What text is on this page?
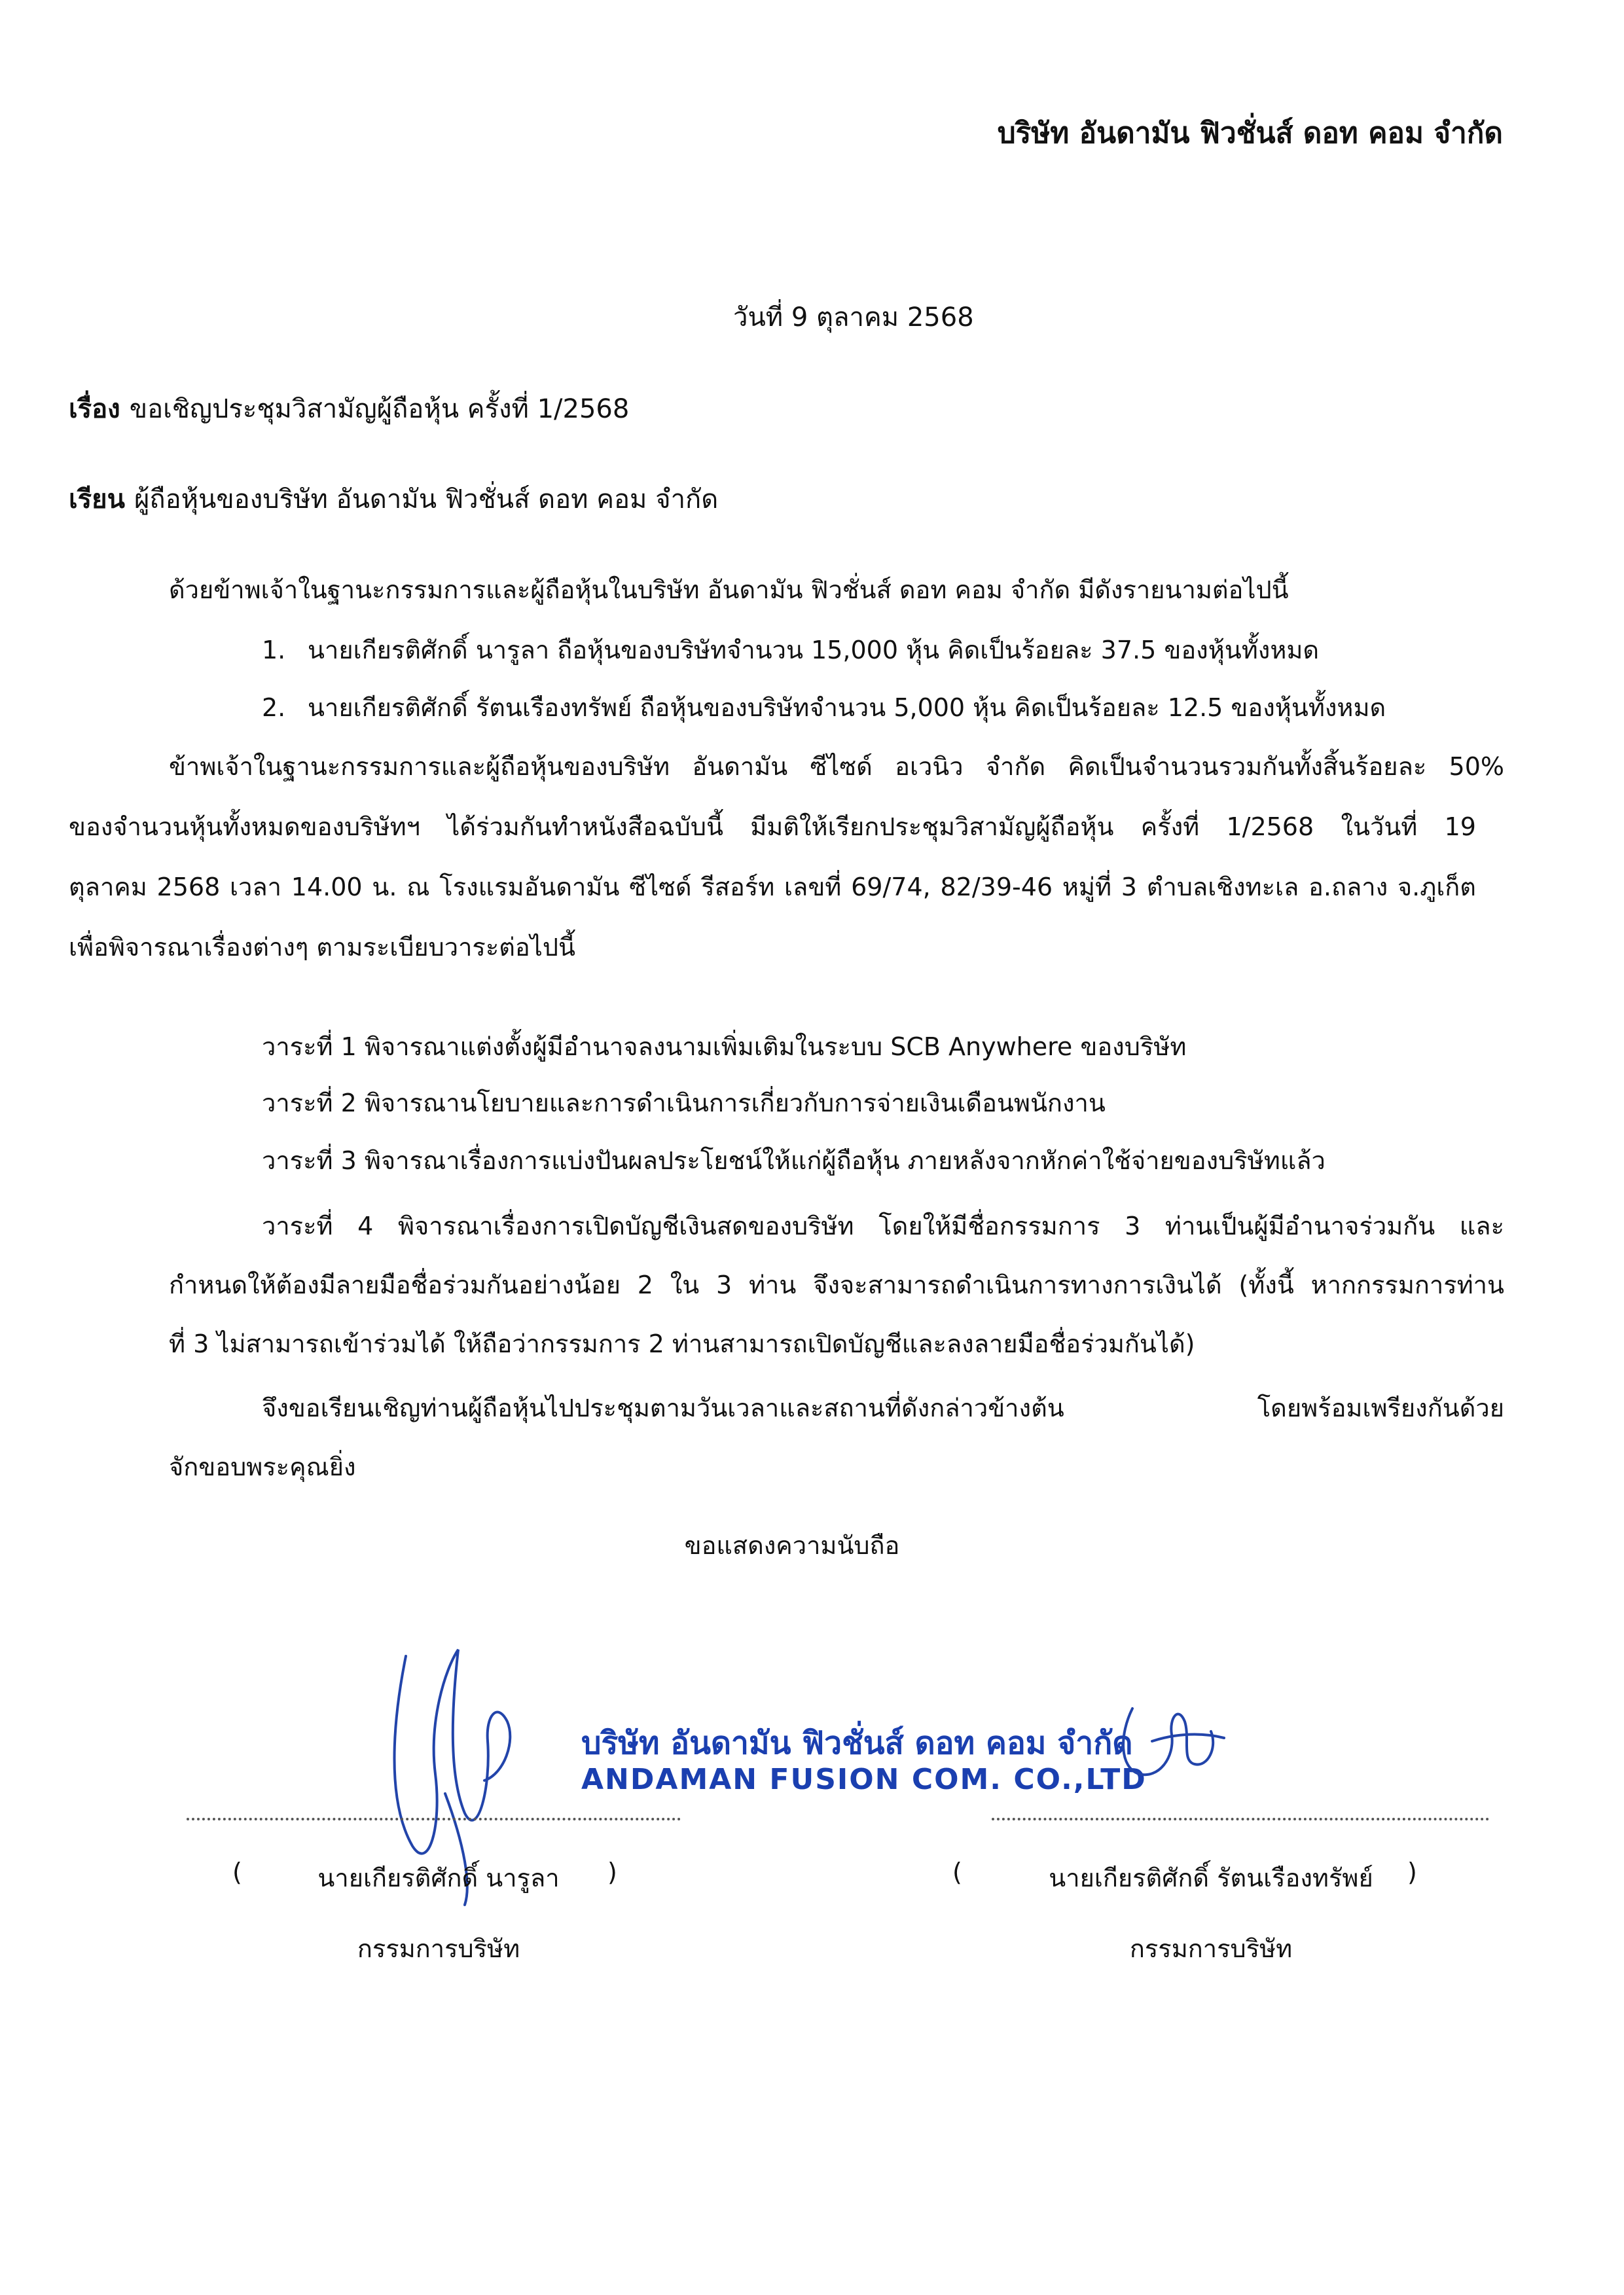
บริษัท อันดามัน ฟิวชั่นส์ ดอท คอม จำกัด
วันที่ 9 ตุลาคม 2568
เรื่อง ขอเชิญประชุมวิสามัญผู้ถือหุ้น ครั้งที่ 1/2568
เรียน ผู้ถือหุ้นของบริษัท อันดามัน ฟิวชั่นส์ ดอท คอม จำกัด
ด้วยข้าพเจ้าในฐานะกรรมการและผู้ถือหุ้นในบริษัท อันดามัน ฟิวชั่นส์ ดอท คอม จำกัด มีดังรายนามต่อไปนี้
1. นายเกียรติศักดิ์ นารูลา ถือหุ้นของบริษัทจำนวน 15,000 หุ้น คิดเป็นร้อยละ 37.5 ของหุ้นทั้งหมด
2. นายเกียรติศักดิ์ รัตนเรืองทรัพย์ ถือหุ้นของบริษัทจำนวน 5,000 หุ้น คิดเป็นร้อยละ 12.5 ของหุ้นทั้งหมด
ข้าพเจ้าในฐานะกรรมการและผู้ถือหุ้นของบริษัท อันดามัน ซีไซด์ อเวนิว จำกัด คิดเป็นจำนวนรวมกันทั้งสิ้นร้อยละ 50%
ของจำนวนหุ้นทั้งหมดของบริษัทฯ ได้ร่วมกันทำหนังสือฉบับนี้ มีมติให้เรียกประชุมวิสามัญผู้ถือหุ้น ครั้งที่ 1/2568 ในวันที่ 19
ตุลาคม 2568 เวลา 14.00 น. ณ โรงแรมอันดามัน ซีไซด์ รีสอร์ท เลขที่ 69/74, 82/39-46 หมู่ที่ 3 ตำบลเชิงทะเล อ.ถลาง จ.ภูเก็ต
เพื่อพิจารณาเรื่องต่างๆ ตามระเบียบวาระต่อไปนี้
วาระที่ 1 พิจารณาแต่งตั้งผู้มีอำนาจลงนามเพิ่มเติมในระบบ SCB Anywhere ของบริษัท
วาระที่ 2 พิจารณานโยบายและการดำเนินการเกี่ยวกับการจ่ายเงินเดือนพนักงาน
วาระที่ 3 พิจารณาเรื่องการแบ่งปันผลประโยชน์ให้แก่ผู้ถือหุ้น ภายหลังจากหักค่าใช้จ่ายของบริษัทแล้ว
วาระที่ 4 พิจารณาเรื่องการเปิดบัญชีเงินสดของบริษัท โดยให้มีชื่อกรรมการ 3 ท่านเป็นผู้มีอำนาจร่วมกัน และ
กำหนดให้ต้องมีลายมือชื่อร่วมกันอย่างน้อย 2 ใน 3 ท่าน จึงจะสามารถดำเนินการทางการเงินได้ (ทั้งนี้ หากกรรมการท่าน
ที่ 3 ไม่สามารถเข้าร่วมได้ ให้ถือว่ากรรมการ 2 ท่านสามารถเปิดบัญชีและลงลายมือชื่อร่วมกันได้)
จึงขอเรียนเชิญท่านผู้ถือหุ้นไปประชุมตามวันเวลาและสถานที่ดังกล่าวข้างต้น โดยพร้อมเพรียงกันด้วย
จักขอบพระคุณยิ่ง
ขอแสดงความนับถือ
บริษัท อันดามัน ฟิวชั่นส์ ดอท คอม จำกัด
ANDAMAN FUSION COM. CO.,LTD
(	นายเกียรติศักดิ์ นารูลา	)
กรรมการบริษัท
(	นายเกียรติศักดิ์ รัตนเรืองทรัพย์	)
กรรมการบริษัท
